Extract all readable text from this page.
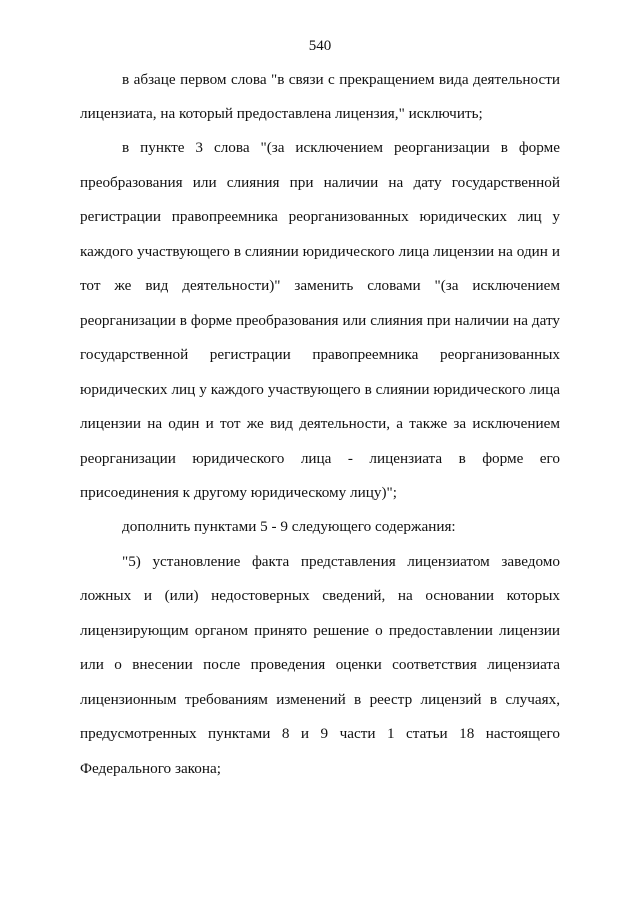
540
в абзаце первом слова "в связи с прекращением вида деятельности
лицензиата, на который предоставлена лицензия," исключить;
в пункте 3 слова "(за исключением реорганизации в форме
преобразования или слияния при наличии на дату государственной
регистрации правопреемника реорганизованных юридических лиц у
каждого участвующего в слиянии юридического лица лицензии на один и
тот же вид деятельности)" заменить словами "(за исключением
реорганизации в форме преобразования или слияния при наличии на дату
государственной регистрации правопреемника реорганизованных
юридических лиц у каждого участвующего в слиянии юридического лица
лицензии на один и тот же вид деятельности, а также за исключением
реорганизации юридического лица - лицензиата в форме его
присоединения к другому юридическому лицу)";
дополнить пунктами 5 - 9 следующего содержания:
"5) установление факта представления лицензиатом заведомо
ложных и (или) недостоверных сведений, на основании которых
лицензирующим органом принято решение о предоставлении лицензии
или о внесении после проведения оценки соответствия лицензиата
лицензионным требованиям изменений в реестр лицензий в случаях,
предусмотренных пунктами 8 и 9 части 1 статьи 18 настоящего
Федерального закона;
